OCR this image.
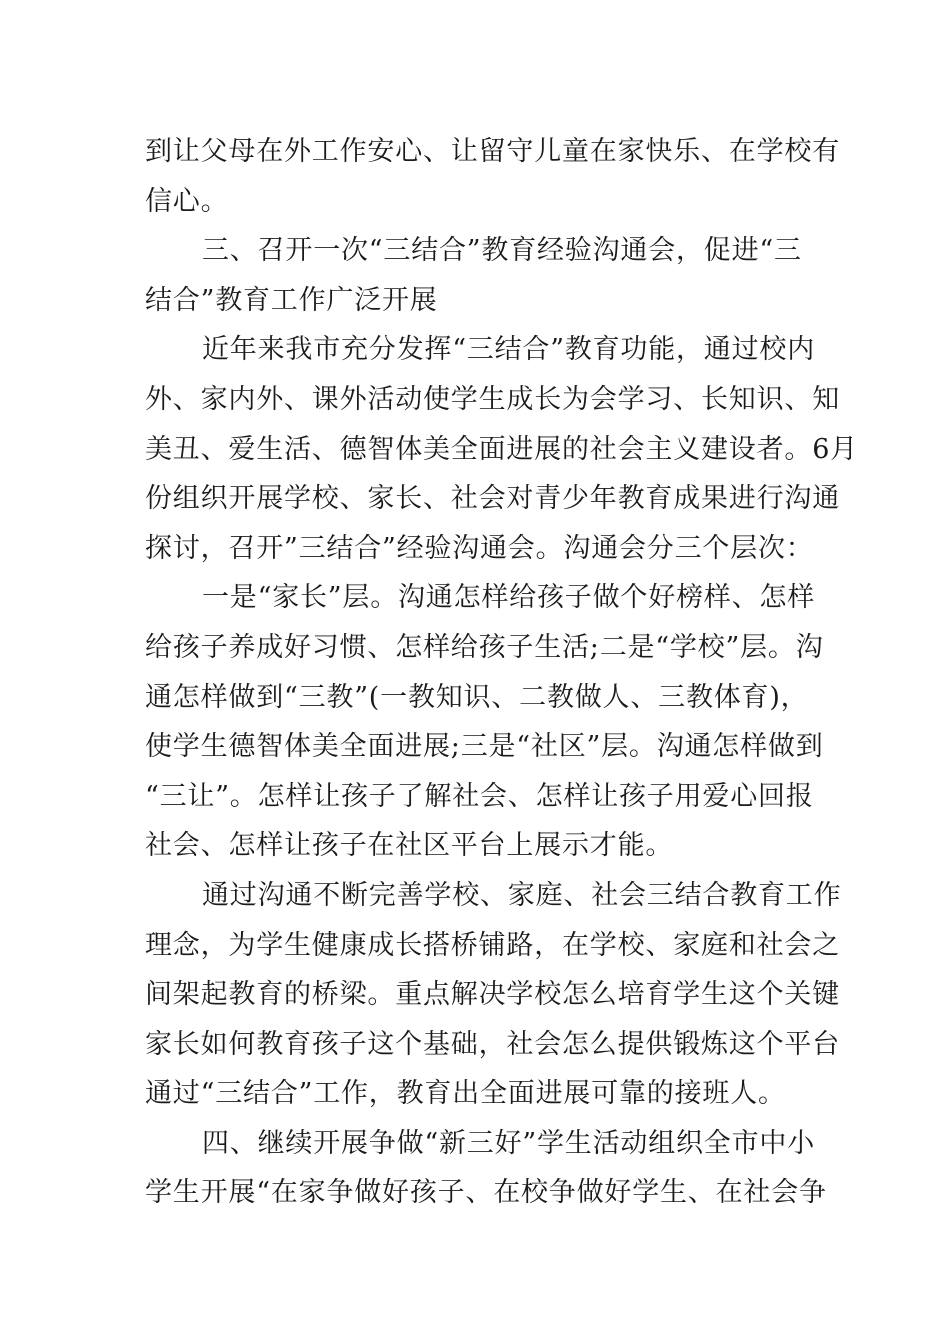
到让父母在外工作安心、让留守儿童在家快乐、在学校有
信心。
三、召开一次“三结合”教育经验沟通会，促进“三
结合”教育工作广泛开展
近年来我市充分发挥“三结合”教育功能，通过校内
外、家内外、课外活动使学生成长为会学习、长知识、知
美丑、爱生活、德智体美全面进展的社会主义建设者。6月
份组织开展学校、家长、社会对青少年教育成果进行沟通
探讨，召开”三结合”经验沟通会。沟通会分三个层次：
一是“家长”层。沟通怎样给孩子做个好榜样、怎样
给孩子养成好习惯、怎样给孩子生活;二是“学校”层。沟
通怎样做到“三教”(一教知识、二教做人、三教体育)，
使学生德智体美全面进展;三是“社区”层。沟通怎样做到
“三让”。怎样让孩子了解社会、怎样让孩子用爱心回报
社会、怎样让孩子在社区平台上展示才能。
通过沟通不断完善学校、家庭、社会三结合教育工作
理念，为学生健康成长搭桥铺路，在学校、家庭和社会之
间架起教育的桥梁。重点解决学校怎么培育学生这个关键
家长如何教育孩子这个基础，社会怎么提供锻炼这个平台
通过“三结合”工作，教育出全面进展可靠的接班人。
四、继续开展争做“新三好”学生活动组织全市中小
学生开展“在家争做好孩子、在校争做好学生、在社会争
